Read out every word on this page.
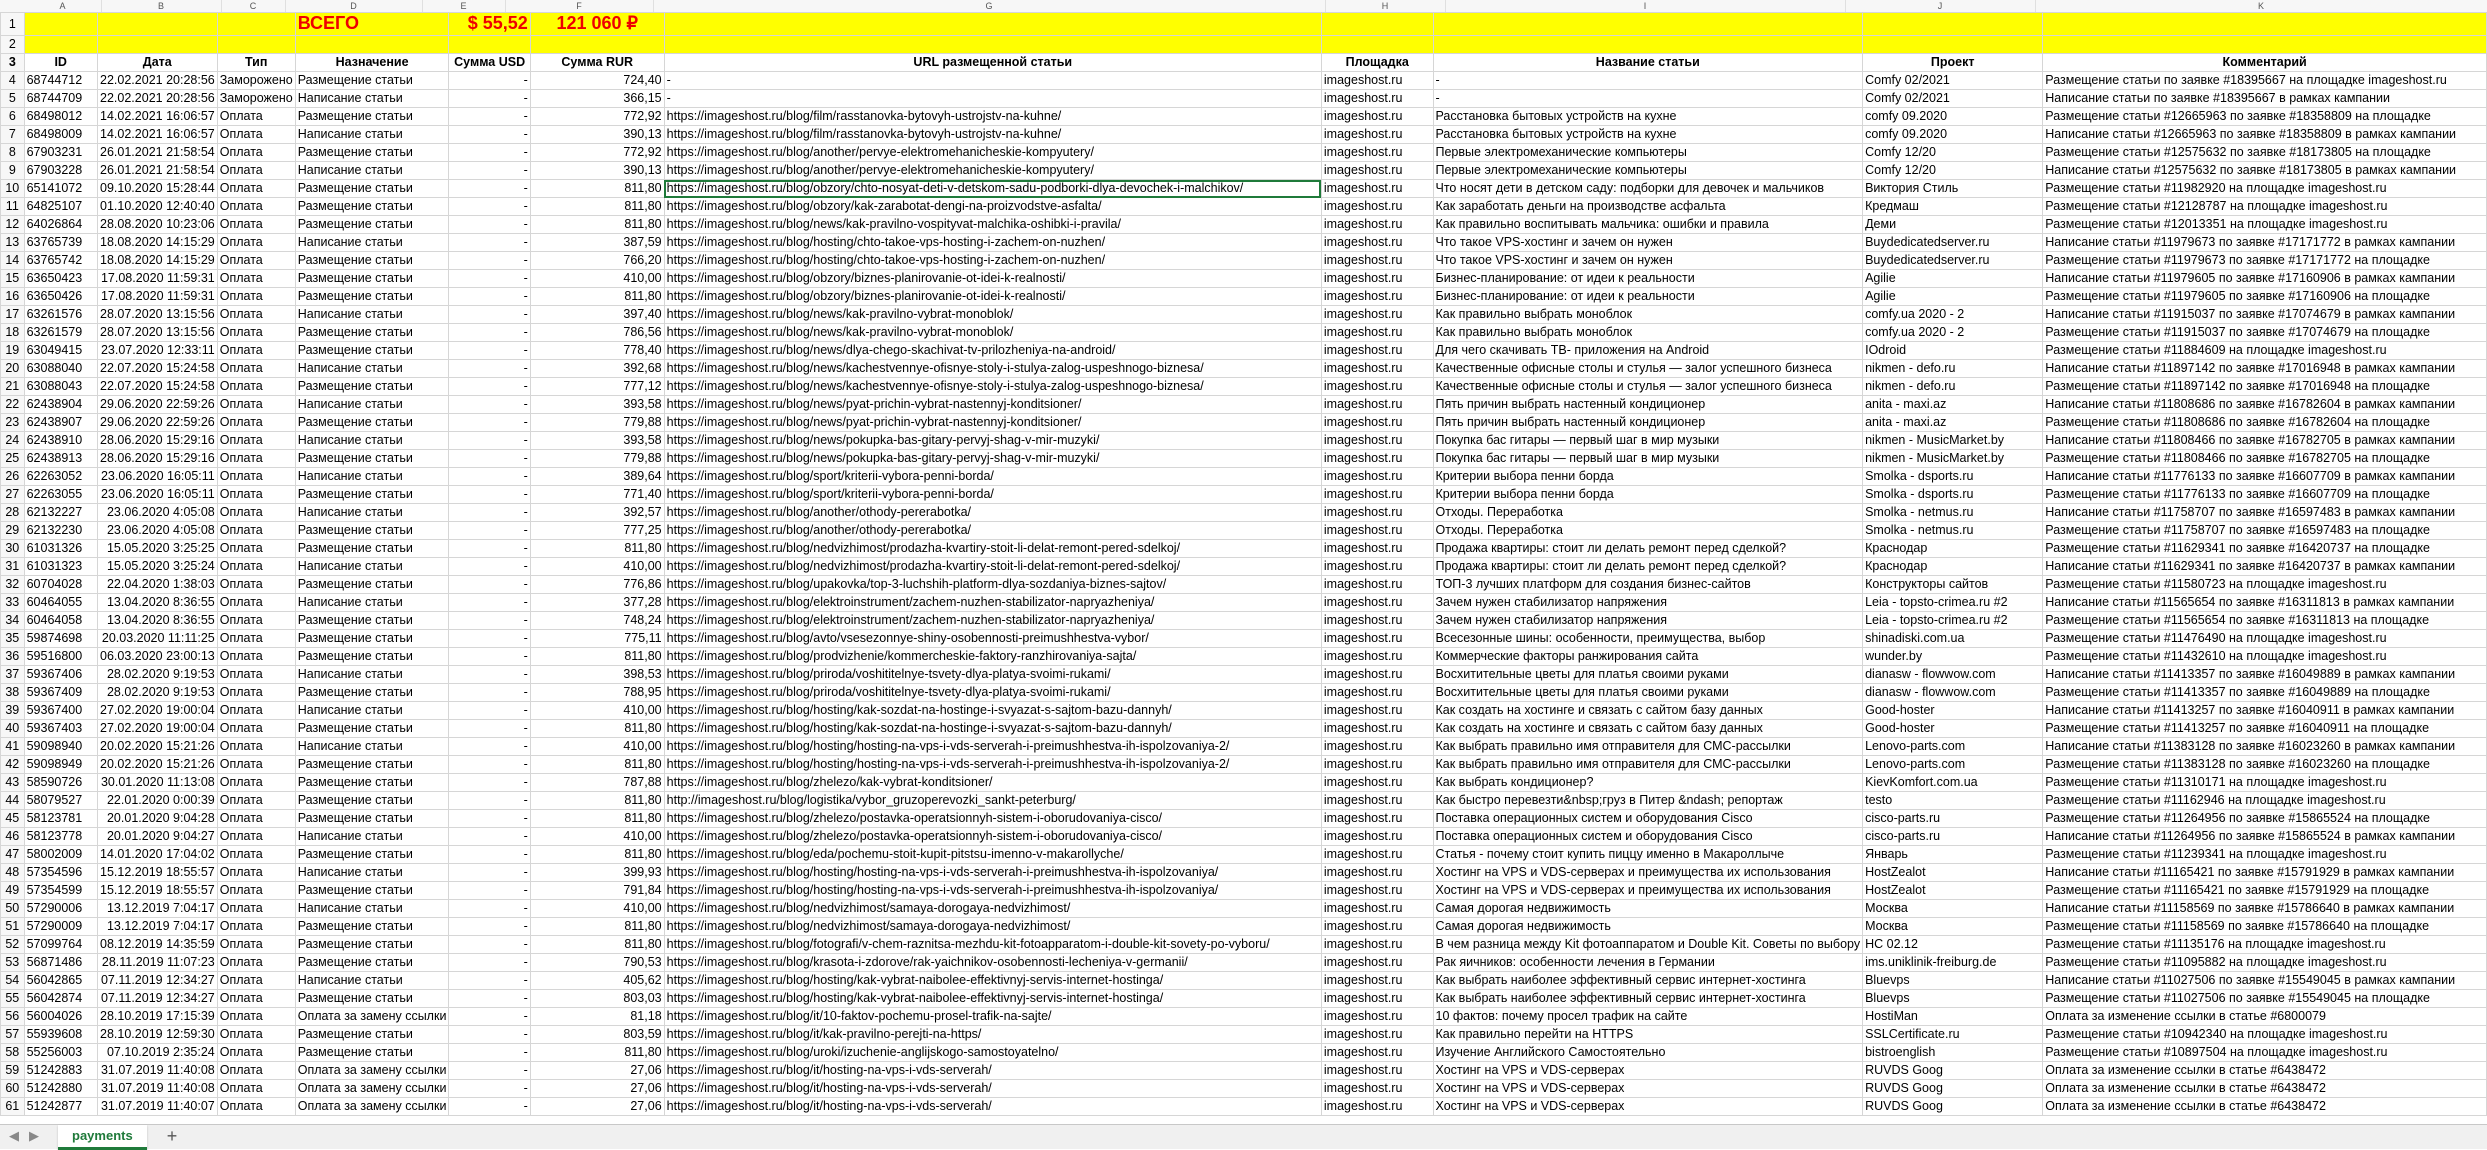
A	B	C	D	E	F	G	H	I	J	K
1				ВСЕГО	$ 55,52	121 060 ₽					
2											
3	ID	Дата	Тип	Назначение	Сумма USD	Сумма RUR	URL размещенной статьи	Площадка	Название статьи	Проект	Комментарий
4	68744712	22.02.2021 20:28:56	Заморожено	Размещение статьи	-	724,40	-	imageshost.ru	-	Comfy 02/2021	Размещение статьи по заявке #18395667 на площадке imageshost.ru
5	68744709	22.02.2021 20:28:56	Заморожено	Написание статьи	-	366,15	-	imageshost.ru	-	Comfy 02/2021	Написание статьи по заявке #18395667 в рамках кампании
6	68498012	14.02.2021 16:06:57	Оплата	Размещение статьи	-	772,92	https://imageshost.ru/blog/film/rasstanovka-bytovyh-ustrojstv-na-kuhne/	imageshost.ru	Расстановка бытовых устройств на кухне	comfy 09.2020	Размещение статьи #12665963 по заявке #18358809 на площадке
7	68498009	14.02.2021 16:06:57	Оплата	Написание статьи	-	390,13	https://imageshost.ru/blog/film/rasstanovka-bytovyh-ustrojstv-na-kuhne/	imageshost.ru	Расстановка бытовых устройств на кухне	comfy 09.2020	Написание статьи #12665963 по заявке #18358809 в рамках кампании
8	67903231	26.01.2021 21:58:54	Оплата	Размещение статьи	-	772,92	https://imageshost.ru/blog/another/pervye-elektromehanicheskie-kompyutery/	imageshost.ru	Первые электромеханические компьютеры	Comfy 12/20	Размещение статьи #12575632 по заявке #18173805 на площадке
9	67903228	26.01.2021 21:58:54	Оплата	Написание статьи	-	390,13	https://imageshost.ru/blog/another/pervye-elektromehanicheskie-kompyutery/	imageshost.ru	Первые электромеханические компьютеры	Comfy 12/20	Написание статьи #12575632 по заявке #18173805 в рамках кампании
10	65141072	09.10.2020 15:28:44	Оплата	Размещение статьи	-	811,80	https://imageshost.ru/blog/obzory/chto-nosyat-deti-v-detskom-sadu-podborki-dlya-devochek-i-malchikov/	imageshost.ru	Что носят дети в детском саду: подборки для девочек и мальчиков	Виктория Стиль	Размещение статьи #11982920 на площадке imageshost.ru
11	64825107	01.10.2020 12:40:40	Оплата	Размещение статьи	-	811,80	https://imageshost.ru/blog/obzory/kak-zarabotat-dengi-na-proizvodstve-asfalta/	imageshost.ru	Как заработать деньги на производстве асфальта	Кредмаш	Размещение статьи #12128787 на площадке imageshost.ru
12	64026864	28.08.2020 10:23:06	Оплата	Размещение статьи	-	811,80	https://imageshost.ru/blog/news/kak-pravilno-vospityvat-malchika-oshibki-i-pravila/	imageshost.ru	Как правильно воспитывать мальчика: ошибки и правила	Деми	Размещение статьи #12013351 на площадке imageshost.ru
13	63765739	18.08.2020 14:15:29	Оплата	Написание статьи	-	387,59	https://imageshost.ru/blog/hosting/chto-takoe-vps-hosting-i-zachem-on-nuzhen/	imageshost.ru	Что такое VPS-хостинг и зачем он нужен	Buydedicatedserver.ru	Написание статьи #11979673 по заявке #17171772 в рамках кампании
14	63765742	18.08.2020 14:15:29	Оплата	Размещение статьи	-	766,20	https://imageshost.ru/blog/hosting/chto-takoe-vps-hosting-i-zachem-on-nuzhen/	imageshost.ru	Что такое VPS-хостинг и зачем он нужен	Buydedicatedserver.ru	Размещение статьи #11979673 по заявке #17171772 на площадке
15	63650423	17.08.2020 11:59:31	Оплата	Размещение статьи	-	410,00	https://imageshost.ru/blog/obzory/biznes-planirovanie-ot-idei-k-realnosti/	imageshost.ru	Бизнес-планирование: от идеи к реальности	Agilie	Написание статьи #11979605 по заявке #17160906 в рамках кампании
16	63650426	17.08.2020 11:59:31	Оплата	Размещение статьи	-	811,80	https://imageshost.ru/blog/obzory/biznes-planirovanie-ot-idei-k-realnosti/	imageshost.ru	Бизнес-планирование: от идеи к реальности	Agilie	Размещение статьи #11979605 по заявке #17160906 на площадке
17	63261576	28.07.2020 13:15:56	Оплата	Написание статьи	-	397,40	https://imageshost.ru/blog/news/kak-pravilno-vybrat-monoblok/	imageshost.ru	Как правильно выбрать моноблок	comfy.ua 2020 - 2	Написание статьи #11915037 по заявке #17074679 в рамках кампании
18	63261579	28.07.2020 13:15:56	Оплата	Размещение статьи	-	786,56	https://imageshost.ru/blog/news/kak-pravilno-vybrat-monoblok/	imageshost.ru	Как правильно выбрать моноблок	comfy.ua 2020 - 2	Размещение статьи #11915037 по заявке #17074679 на площадке
19	63049415	23.07.2020 12:33:11	Оплата	Размещение статьи	-	778,40	https://imageshost.ru/blog/news/dlya-chego-skachivat-tv-prilozheniya-na-android/	imageshost.ru	Для чего скачивать ТВ- приложения на Android	IOdroid	Размещение статьи #11884609 на площадке imageshost.ru
20	63088040	22.07.2020 15:24:58	Оплата	Написание статьи	-	392,68	https://imageshost.ru/blog/news/kachestvennye-ofisnye-stoly-i-stulya-zalog-uspeshnogo-biznesa/	imageshost.ru	Качественные офисные столы и стулья — залог успешного бизнеса	nikmen - defo.ru	Написание статьи #11897142 по заявке #17016948 в рамках кампании
21	63088043	22.07.2020 15:24:58	Оплата	Размещение статьи	-	777,12	https://imageshost.ru/blog/news/kachestvennye-ofisnye-stoly-i-stulya-zalog-uspeshnogo-biznesa/	imageshost.ru	Качественные офисные столы и стулья — залог успешного бизнеса	nikmen - defo.ru	Размещение статьи #11897142 по заявке #17016948 на площадке
22	62438904	29.06.2020 22:59:26	Оплата	Написание статьи	-	393,58	https://imageshost.ru/blog/news/pyat-prichin-vybrat-nastennyj-konditsioner/	imageshost.ru	Пять причин выбрать настенный кондиционер	anita - maxi.az	Написание статьи #11808686 по заявке #16782604 в рамках кампании
23	62438907	29.06.2020 22:59:26	Оплата	Размещение статьи	-	779,88	https://imageshost.ru/blog/news/pyat-prichin-vybrat-nastennyj-konditsioner/	imageshost.ru	Пять причин выбрать настенный кондиционер	anita - maxi.az	Размещение статьи #11808686 по заявке #16782604 на площадке
24	62438910	28.06.2020 15:29:16	Оплата	Написание статьи	-	393,58	https://imageshost.ru/blog/news/pokupka-bas-gitary-pervyj-shag-v-mir-muzyki/	imageshost.ru	Покупка бас гитары — первый шаг в мир музыки	nikmen - MusicMarket.by	Написание статьи #11808466 по заявке #16782705 в рамках кампании
25	62438913	28.06.2020 15:29:16	Оплата	Размещение статьи	-	779,88	https://imageshost.ru/blog/news/pokupka-bas-gitary-pervyj-shag-v-mir-muzyki/	imageshost.ru	Покупка бас гитары — первый шаг в мир музыки	nikmen - MusicMarket.by	Размещение статьи #11808466 по заявке #16782705 на площадке
26	62263052	23.06.2020 16:05:11	Оплата	Написание статьи	-	389,64	https://imageshost.ru/blog/sport/kriterii-vybora-penni-borda/	imageshost.ru	Критерии выбора пенни борда	Smolka - dsports.ru	Написание статьи #11776133 по заявке #16607709 в рамках кампании
27	62263055	23.06.2020 16:05:11	Оплата	Размещение статьи	-	771,40	https://imageshost.ru/blog/sport/kriterii-vybora-penni-borda/	imageshost.ru	Критерии выбора пенни борда	Smolka - dsports.ru	Размещение статьи #11776133 по заявке #16607709 на площадке
28	62132227	23.06.2020 4:05:08	Оплата	Написание статьи	-	392,57	https://imageshost.ru/blog/another/othody-pererabotka/	imageshost.ru	Отходы. Переработка	Smolka - netmus.ru	Написание статьи #11758707 по заявке #16597483 в рамках кампании
29	62132230	23.06.2020 4:05:08	Оплата	Размещение статьи	-	777,25	https://imageshost.ru/blog/another/othody-pererabotka/	imageshost.ru	Отходы. Переработка	Smolka - netmus.ru	Размещение статьи #11758707 по заявке #16597483 на площадке
30	61031326	15.05.2020 3:25:25	Оплата	Размещение статьи	-	811,80	https://imageshost.ru/blog/nedvizhimost/prodazha-kvartiry-stoit-li-delat-remont-pered-sdelkoj/	imageshost.ru	Продажа квартиры: стоит ли делать ремонт перед сделкой?	Краснодар	Размещение статьи #11629341 по заявке #16420737 на площадке
31	61031323	15.05.2020 3:25:24	Оплата	Написание статьи	-	410,00	https://imageshost.ru/blog/nedvizhimost/prodazha-kvartiry-stoit-li-delat-remont-pered-sdelkoj/	imageshost.ru	Продажа квартиры: стоит ли делать ремонт перед сделкой?	Краснодар	Написание статьи #11629341 по заявке #16420737 в рамках кампании
32	60704028	22.04.2020 1:38:03	Оплата	Размещение статьи	-	776,86	https://imageshost.ru/blog/upakovka/top-3-luchshih-platform-dlya-sozdaniya-biznes-sajtov/	imageshost.ru	ТОП-3 лучших платформ для создания бизнес-сайтов	Конструкторы сайтов	Размещение статьи #11580723 на площадке imageshost.ru
33	60464055	13.04.2020 8:36:55	Оплата	Написание статьи	-	377,28	https://imageshost.ru/blog/elektroinstrument/zachem-nuzhen-stabilizator-napryazheniya/	imageshost.ru	Зачем нужен стабилизатор напряжения	Leia - topsto-crimea.ru #2	Написание статьи #11565654 по заявке #16311813 в рамках кампании
34	60464058	13.04.2020 8:36:55	Оплата	Размещение статьи	-	748,24	https://imageshost.ru/blog/elektroinstrument/zachem-nuzhen-stabilizator-napryazheniya/	imageshost.ru	Зачем нужен стабилизатор напряжения	Leia - topsto-crimea.ru #2	Размещение статьи #11565654 по заявке #16311813 на площадке
35	59874698	20.03.2020 11:11:25	Оплата	Размещение статьи	-	775,11	https://imageshost.ru/blog/avto/vsesezonnye-shiny-osobennosti-preimushhestva-vybor/	imageshost.ru	Всесезонные шины: особенности, преимущества, выбор	shinadiski.com.ua	Размещение статьи #11476490 на площадке imageshost.ru
36	59516800	06.03.2020 23:00:13	Оплата	Размещение статьи	-	811,80	https://imageshost.ru/blog/prodvizhenie/kommercheskie-faktory-ranzhirovaniya-sajta/	imageshost.ru	Коммерческие факторы ранжирования сайта	wunder.by	Размещение статьи #11432610 на площадке imageshost.ru
37	59367406	28.02.2020 9:19:53	Оплата	Написание статьи	-	398,53	https://imageshost.ru/blog/priroda/voshititelnye-tsvety-dlya-platya-svoimi-rukami/	imageshost.ru	Восхитительные цветы для платья своими руками	dianasw - flowwow.com	Написание статьи #11413357 по заявке #16049889 в рамках кампании
38	59367409	28.02.2020 9:19:53	Оплата	Размещение статьи	-	788,95	https://imageshost.ru/blog/priroda/voshititelnye-tsvety-dlya-platya-svoimi-rukami/	imageshost.ru	Восхитительные цветы для платья своими руками	dianasw - flowwow.com	Размещение статьи #11413357 по заявке #16049889 на площадке
39	59367400	27.02.2020 19:00:04	Оплата	Написание статьи	-	410,00	https://imageshost.ru/blog/hosting/kak-sozdat-na-hostinge-i-svyazat-s-sajtom-bazu-dannyh/	imageshost.ru	Как создать на хостинге и связать с сайтом базу данных	Good-hoster	Написание статьи #11413257 по заявке #16040911 в рамках кампании
40	59367403	27.02.2020 19:00:04	Оплата	Размещение статьи	-	811,80	https://imageshost.ru/blog/hosting/kak-sozdat-na-hostinge-i-svyazat-s-sajtom-bazu-dannyh/	imageshost.ru	Как создать на хостинге и связать с сайтом базу данных	Good-hoster	Размещение статьи #11413257 по заявке #16040911 на площадке
41	59098940	20.02.2020 15:21:26	Оплата	Написание статьи	-	410,00	https://imageshost.ru/blog/hosting/hosting-na-vps-i-vds-serverah-i-preimushhestva-ih-ispolzovaniya-2/	imageshost.ru	Как выбрать правильно имя отправителя для СМС-рассылки	Lenovo-parts.com	Написание статьи #11383128 по заявке #16023260 в рамках кампании
42	59098949	20.02.2020 15:21:26	Оплата	Размещение статьи	-	811,80	https://imageshost.ru/blog/hosting/hosting-na-vps-i-vds-serverah-i-preimushhestva-ih-ispolzovaniya-2/	imageshost.ru	Как выбрать правильно имя отправителя для СМС-рассылки	Lenovo-parts.com	Размещение статьи #11383128 по заявке #16023260 на площадке
43	58590726	30.01.2020 11:13:08	Оплата	Размещение статьи	-	787,88	https://imageshost.ru/blog/zhelezo/kak-vybrat-konditsioner/	imageshost.ru	Как выбрать кондиционер?	KievKomfort.com.ua	Размещение статьи #11310171 на площадке imageshost.ru
44	58079527	22.01.2020 0:00:39	Оплата	Размещение статьи	-	811,80	http://imageshost.ru/blog/logistika/vybor_gruzoperevozki_sankt-peterburg/	imageshost.ru	Как быстро перевезти&nbsp;груз в Питер &ndash; репортаж	testo	Размещение статьи #11162946 на площадке imageshost.ru
45	58123781	20.01.2020 9:04:28	Оплата	Размещение статьи	-	811,80	https://imageshost.ru/blog/zhelezo/postavka-operatsionnyh-sistem-i-oborudovaniya-cisco/	imageshost.ru	Поставка операционных систем и оборудования Cisco	cisco-parts.ru	Размещение статьи #11264956 по заявке #15865524 на площадке
46	58123778	20.01.2020 9:04:27	Оплата	Написание статьи	-	410,00	https://imageshost.ru/blog/zhelezo/postavka-operatsionnyh-sistem-i-oborudovaniya-cisco/	imageshost.ru	Поставка операционных систем и оборудования Cisco	cisco-parts.ru	Написание статьи #11264956 по заявке #15865524 в рамках кампании
47	58002009	14.01.2020 17:04:02	Оплата	Размещение статьи	-	811,80	https://imageshost.ru/blog/eda/pochemu-stoit-kupit-pitstsu-imenno-v-makarollyche/	imageshost.ru	Статья - почему стоит купить пиццу именно в Макароллыче	Январь	Размещение статьи #11239341 на площадке imageshost.ru
48	57354596	15.12.2019 18:55:57	Оплата	Написание статьи	-	399,93	https://imageshost.ru/blog/hosting/hosting-na-vps-i-vds-serverah-i-preimushhestva-ih-ispolzovaniya/	imageshost.ru	Хостинг на VPS и VDS-серверах и преимущества их использования	HostZealot	Написание статьи #11165421 по заявке #15791929 в рамках кампании
49	57354599	15.12.2019 18:55:57	Оплата	Размещение статьи	-	791,84	https://imageshost.ru/blog/hosting/hosting-na-vps-i-vds-serverah-i-preimushhestva-ih-ispolzovaniya/	imageshost.ru	Хостинг на VPS и VDS-серверах и преимущества их использования	HostZealot	Размещение статьи #11165421 по заявке #15791929 на площадке
50	57290006	13.12.2019 7:04:17	Оплата	Написание статьи	-	410,00	https://imageshost.ru/blog/nedvizhimost/samaya-dorogaya-nedvizhimost/	imageshost.ru	Самая дорогая недвижимость	Москва	Написание статьи #11158569 по заявке #15786640 в рамках кампании
51	57290009	13.12.2019 7:04:17	Оплата	Размещение статьи	-	811,80	https://imageshost.ru/blog/nedvizhimost/samaya-dorogaya-nedvizhimost/	imageshost.ru	Самая дорогая недвижимость	Москва	Размещение статьи #11158569 по заявке #15786640 на площадке
52	57099764	08.12.2019 14:35:59	Оплата	Размещение статьи	-	811,80	https://imageshost.ru/blog/fotografi/v-chem-raznitsa-mezhdu-kit-fotoapparatom-i-double-kit-sovety-po-vyboru/	imageshost.ru	В чем разница между Kit фотоаппаратом и Double Kit. Советы по выбору	HC 02.12	Размещение статьи #11135176 на площадке imageshost.ru
53	56871486	28.11.2019 11:07:23	Оплата	Размещение статьи	-	790,53	https://imageshost.ru/blog/krasota-i-zdorove/rak-yaichnikov-osobennosti-lecheniya-v-germanii/	imageshost.ru	Рак яичников: особенности лечения в Германии	ims.uniklinik-freiburg.de	Размещение статьи #11095882 на площадке imageshost.ru
54	56042865	07.11.2019 12:34:27	Оплата	Написание статьи	-	405,62	https://imageshost.ru/blog/hosting/kak-vybrat-naibolee-effektivnyj-servis-internet-hostinga/	imageshost.ru	Как выбрать наиболее эффективный сервис интернет-хостинга	Bluevps	Написание статьи #11027506 по заявке #15549045 в рамках кампании
55	56042874	07.11.2019 12:34:27	Оплата	Размещение статьи	-	803,03	https://imageshost.ru/blog/hosting/kak-vybrat-naibolee-effektivnyj-servis-internet-hostinga/	imageshost.ru	Как выбрать наиболее эффективный сервис интернет-хостинга	Bluevps	Размещение статьи #11027506 по заявке #15549045 на площадке
56	56004026	28.10.2019 17:15:39	Оплата	Оплата за замену ссылки	-	81,18	https://imageshost.ru/blog/it/10-faktov-pochemu-prosel-trafik-na-sajte/	imageshost.ru	10 фактов: почему просел трафик на сайте	HostiMan	Оплата за изменение ссылки в статье #6800079
57	55939608	28.10.2019 12:59:30	Оплата	Размещение статьи	-	803,59	https://imageshost.ru/blog/it/kak-pravilno-perejti-na-https/	imageshost.ru	Как правильно перейти на HTTPS	SSLCertificate.ru	Размещение статьи #10942340 на площадке imageshost.ru
58	55256003	07.10.2019 2:35:24	Оплата	Размещение статьи	-	811,80	https://imageshost.ru/blog/uroki/izuchenie-anglijskogo-samostoyatelno/	imageshost.ru	Изучение Английского Самостоятельно	bistroenglish	Размещение статьи #10897504 на площадке imageshost.ru
59	51242883	31.07.2019 11:40:08	Оплата	Оплата за замену ссылки	-	27,06	https://imageshost.ru/blog/it/hosting-na-vps-i-vds-serverah/	imageshost.ru	Хостинг на VPS и VDS-серверах	RUVDS Goog	Оплата за изменение ссылки в статье #6438472
60	51242880	31.07.2019 11:40:08	Оплата	Оплата за замену ссылки	-	27,06	https://imageshost.ru/blog/it/hosting-na-vps-i-vds-serverah/	imageshost.ru	Хостинг на VPS и VDS-серверах	RUVDS Goog	Оплата за изменение ссылки в статье #6438472
61	51242877	31.07.2019 11:40:07	Оплата	Оплата за замену ссылки	-	27,06	https://imageshost.ru/blog/it/hosting-na-vps-i-vds-serverah/	imageshost.ru	Хостинг на VPS и VDS-серверах	RUVDS Goog	Оплата за изменение ссылки в статье #6438472
◀ ▶	payments	+
